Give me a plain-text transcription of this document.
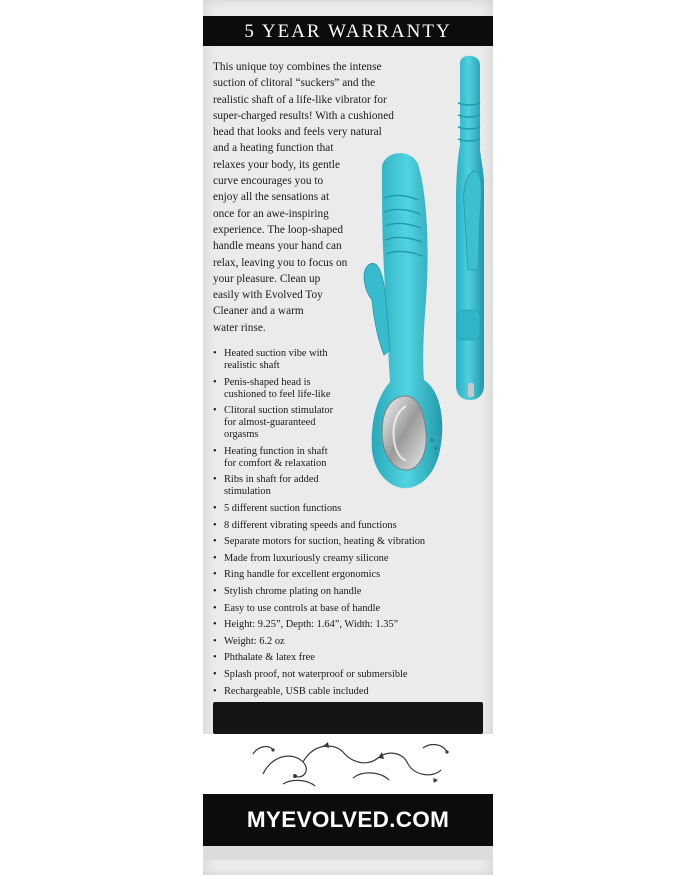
5 YEAR WARRANTY
This unique toy combines the intense
suction of clitoral “suckers” and the
realistic shaft of a life-like vibrator for
super-charged results! With a cushioned
head that looks and feels very natural
and a heating function that
relaxes your body, its gentle
curve encourages you to
enjoy all the sensations at
once for an awe-inspiring
experience. The loop-shaped
handle means your hand can
relax, leaving you to focus on
your pleasure. Clean up
easily with Evolved Toy
Cleaner and a warm
water rinse.
• Heated suction vibe with
realistic shaft
• Penis-shaped head is
cushioned to feel life-like
• Clitoral suction stimulator
for almost-guaranteed
orgasms
• Heating function in shaft
for comfort & relaxation
• Ribs in shaft for added
stimulation
• 5 different suction functions
• 8 different vibrating speeds and functions
• Separate motors for suction, heating & vibration
• Made from luxuriously creamy silicone
• Ring handle for excellent ergonomics
• Stylish chrome plating on handle
• Easy to use controls at base of handle
• Height: 9.25”, Depth: 1.64”, Width: 1.35”
• Weight: 6.2 oz
• Phthalate & latex free
• Splash proof, not waterproof or submersible
• Rechargeable, USB cable included
MYEVOLVED.COM
